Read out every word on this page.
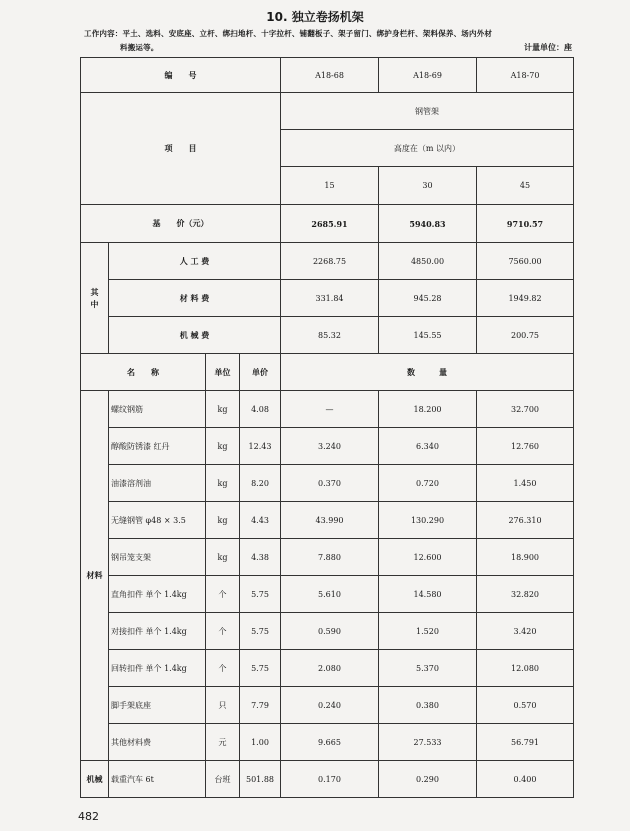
10. 独立卷扬机架
工作内容：平土、选料、安底座、立杆、绑扫地杆、十字拉杆、铺翻板子、架子留门、绑护身栏杆、架料保养、场内外材
料搬运等。	计量单位：座
编　　号				A18-68	A18-69	A18-70
项　　目				钢管架		
				高度在（m 以内）		
				15	30	45
基　　价（元）				2685.91	5940.83	9710.57
其
中	人 工 费			2268.75	4850.00	7560.00
	材 料 费			331.84	945.28	1949.82
	机 械 费			85.32	145.55	200.75
名　　称		单位	单价	数　　　量		
材料	螺纹钢筋	kg	4.08	—	18.200	32.700
	醇酸防锈漆 红丹	kg	12.43	3.240	6.340	12.760
	油漆溶剂油	kg	8.20	0.370	0.720	1.450
	无缝钢管 φ48 × 3.5	kg	4.43	43.990	130.290	276.310
	钢吊笼支架	kg	4.38	7.880	12.600	18.900
	直角扣件 单个 1.4kg	个	5.75	5.610	14.580	32.820
	对接扣件 单个 1.4kg	个	5.75	0.590	1.520	3.420
	回转扣件 单个 1.4kg	个	5.75	2.080	5.370	12.080
	脚手架底座	只	7.79	0.240	0.380	0.570
	其他材料费	元	1.00	9.665	27.533	56.791
机械	载重汽车 6t	台班	501.88	0.170	0.290	0.400
482
